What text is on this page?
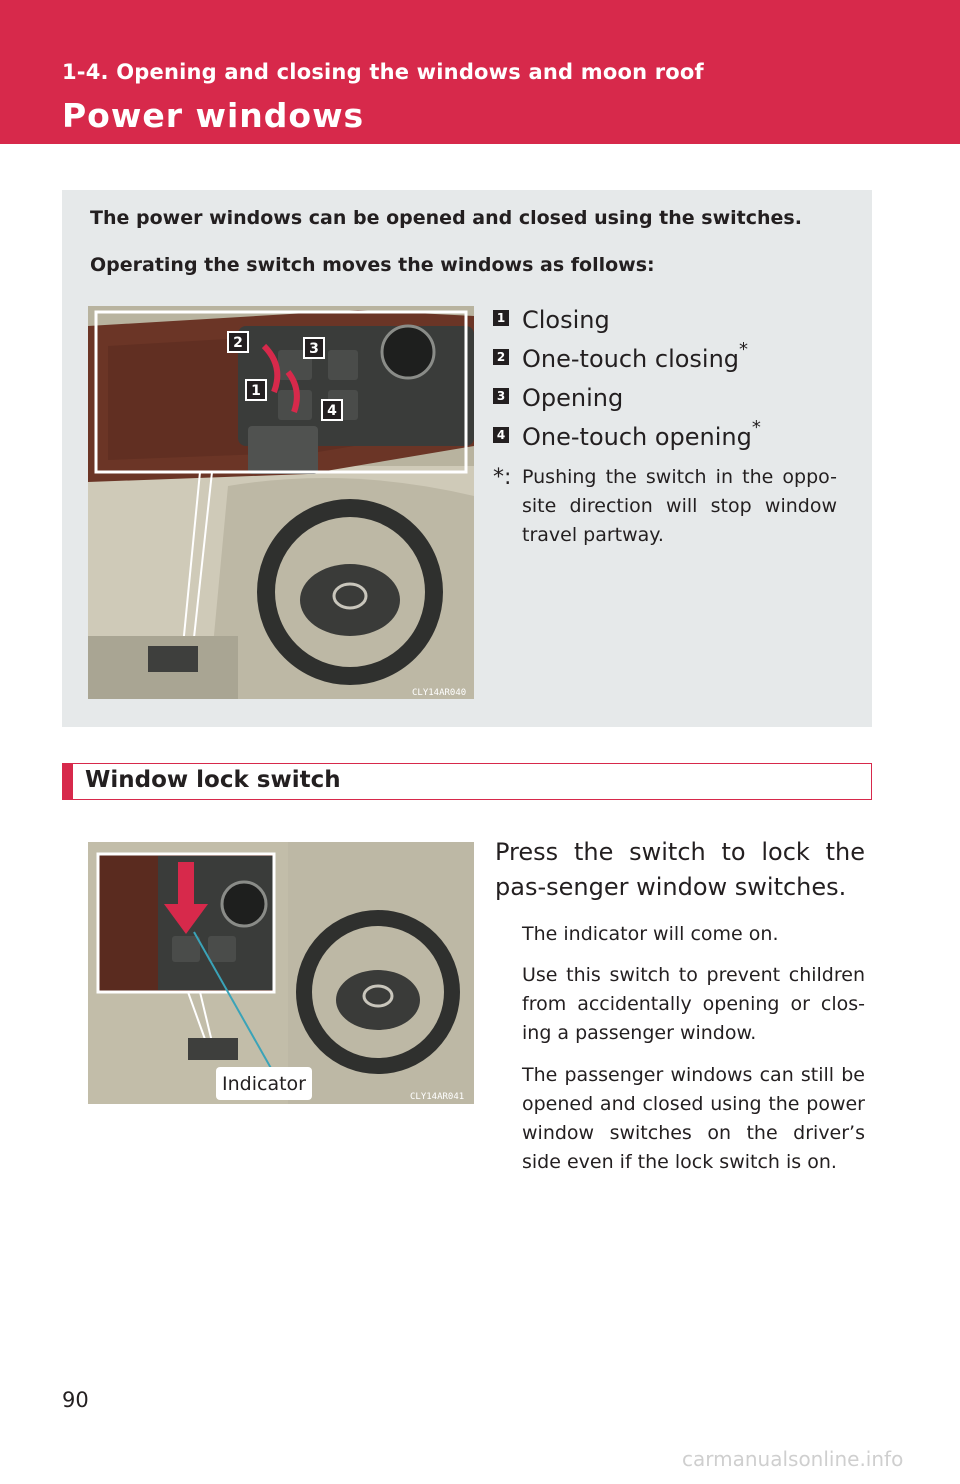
1-4. Opening and closing the windows and moon roof
Power windows
The power windows can be opened and closed using the switches.
Operating the switch moves the windows as follows:
2	3
1
4
CLY14AR040
1 Closing
2 One-touch closing*
3 Opening
4 One-touch opening*
*: Pushing the switch in the oppo-site direction will stop window travel partway.
Window lock switch
CLY14AR041
Indicator
Press the switch to lock the pas-senger window switches.
The indicator will come on.
Use this switch to prevent children from accidentally opening or clos-ing a passenger window.
The passenger windows can still be opened and closed using the power window switches on the driver’s side even if the lock switch is on.
90
carmanualsonline.info
